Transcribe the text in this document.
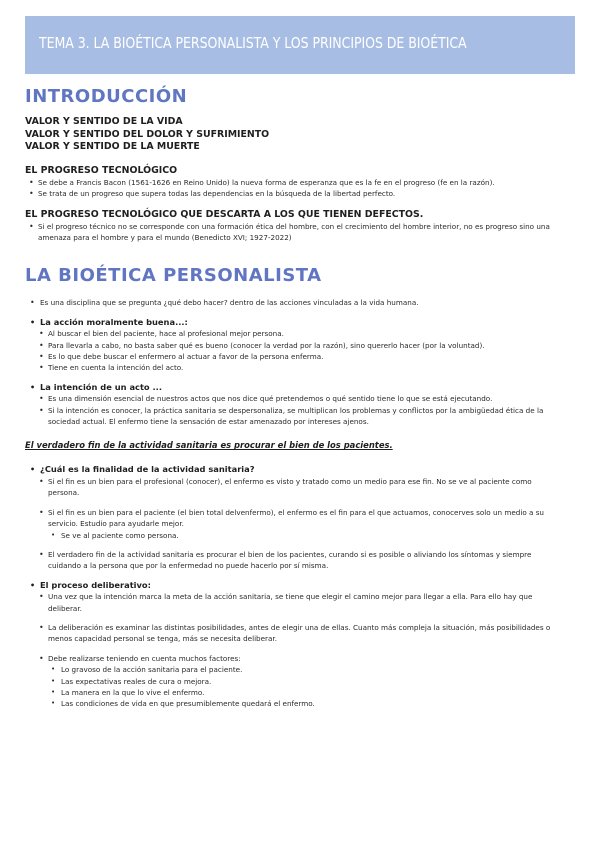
TEMA 3. LA BIOÉTICA PERSONALISTA Y LOS PRINCIPIOS DE BIOÉTICA
INTRODUCCIÓN
VALOR Y SENTIDO DE LA VIDA
VALOR Y SENTIDO DEL DOLOR Y SUFRIMIENTO
VALOR Y SENTIDO DE LA MUERTE
EL PROGRESO TECNOLÓGICO
• Se debe a Francis Bacon (1561-1626 en Reino Unido) la nueva forma de esperanza que es la fe en el progreso (fe en la razón).
• Se trata de un progreso que supera todas las dependencias en la búsqueda de la libertad perfecto.
EL PROGRESO TECNOLÓGICO QUE DESCARTA A LOS QUE TIENEN DEFECTOS.
• Si el progreso técnico no se corresponde con una formación ética del hombre, con el crecimiento del hombre interior, no es progreso sino una amenaza para el hombre y para el mundo (Benedicto XVI; 1927-2022)
LA BIOÉTICA PERSONALISTA
• Es una disciplina que se pregunta ¿qué debo hacer? dentro de las acciones vinculadas a la vida humana.
• La acción moralmente buena...:
• Al buscar el bien del paciente, hace al profesional mejor persona.
• Para llevarla a cabo, no basta saber qué es bueno (conocer la verdad por la razón), sino quererlo hacer (por la voluntad).
• Es lo que debe buscar el enfermero al actuar a favor de la persona enferma.
• Tiene en cuenta la intención del acto.
• La intención de un acto ...
• Es una dimensión esencial de nuestros actos que nos dice qué pretendemos o qué sentido tiene lo que se está ejecutando.
• Si la intención es conocer, la práctica sanitaria se despersonaliza, se multiplican los problemas y conflictos por la ambigüedad ética de la sociedad actual. El enfermo tiene la sensación de estar amenazado por intereses ajenos.
El verdadero fin de la actividad sanitaria es procurar el bien de los pacientes.
• ¿Cuál es la finalidad de la actividad sanitaria?
• Si el fin es un bien para el profesional (conocer), el enfermo es visto y tratado como un medio para ese fin. No se ve al paciente como persona.
• Si el fin es un bien para el paciente (el bien total delvenfermo), el enfermo es el fin para el que actuamos, conocerves solo un medio a su servicio. Estudio para ayudarle mejor.
• Se ve al paciente como persona.
• El verdadero fin de la actividad sanitaria es procurar el bien de los pacientes, curando si es posible o aliviando los síntomas y siempre cuidando a la persona que por la enfermedad no puede hacerlo por sí misma.
• El proceso deliberativo:
• Una vez que la intención marca la meta de la acción sanitaria, se tiene que elegir el camino mejor para llegar a ella. Para ello hay que deliberar.
• La deliberación es examinar las distintas posibilidades, antes de elegir una de ellas. Cuanto más compleja la situación, más posibilidades o menos capacidad personal se tenga, más se necesita deliberar.
• Debe realizarse teniendo en cuenta muchos factores:
• Lo gravoso de la acción sanitaria para el paciente.
• Las expectativas reales de cura o mejora.
• La manera en la que lo vive el enfermo.
• Las condiciones de vida en que presumiblemente quedará el enfermo.
